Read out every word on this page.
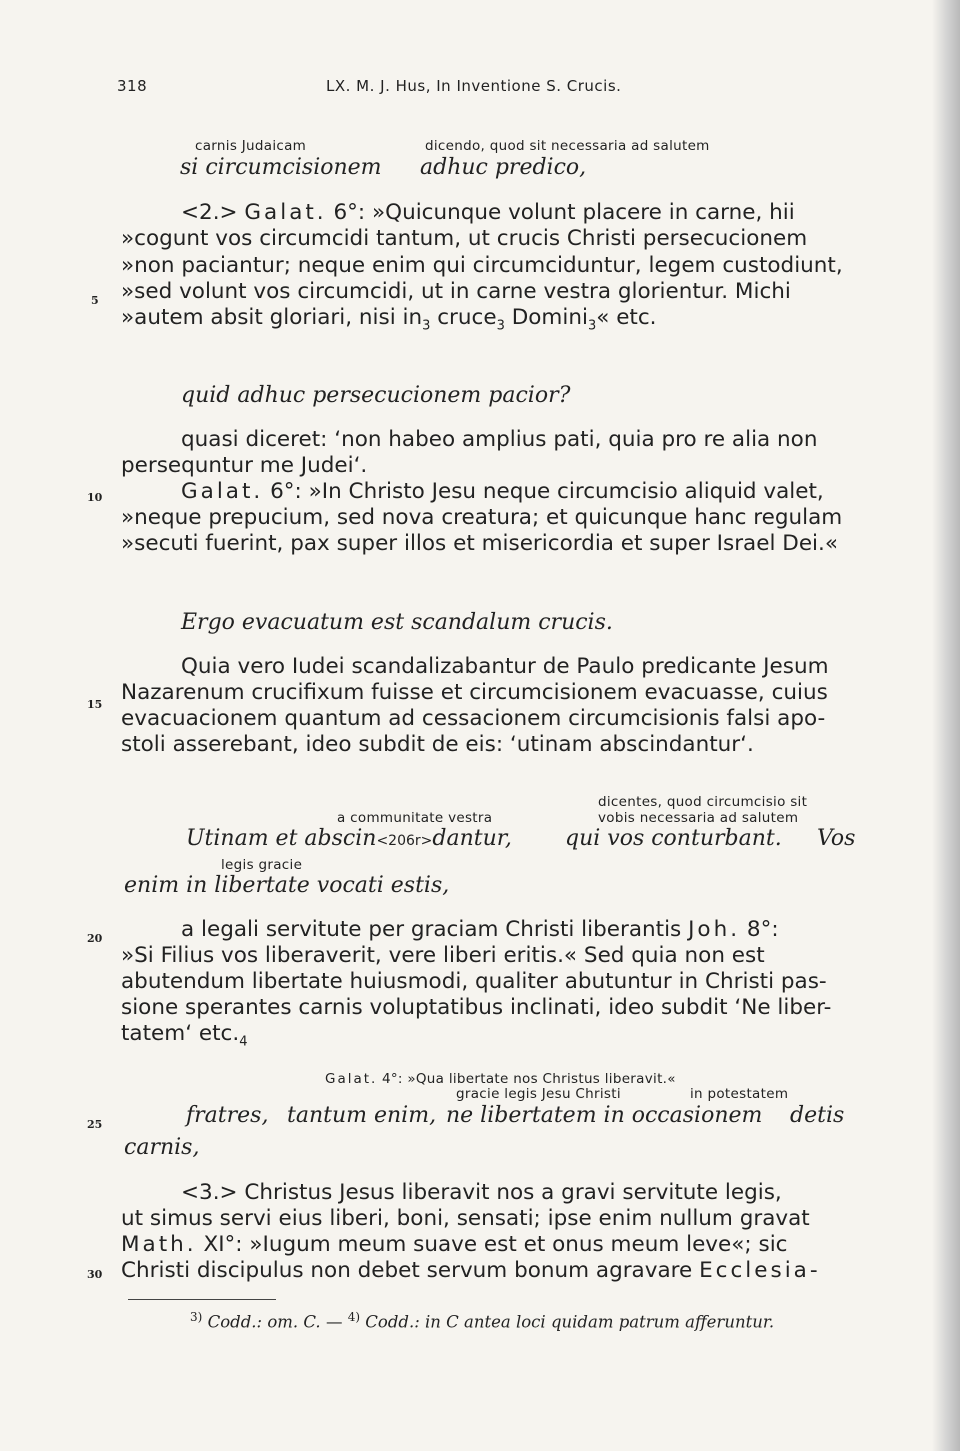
318	LX. M. J. Hus, In Inventione S. Crucis.
5
10
15
20
25
30
carnis Judaicam	dicendo, quod sit necessaria ad salutem
si circumcisionem adhuc predico,
<2.> Galat. 6°: »Quicunque volunt placere in carne, hii
»cogunt vos circumcidi tantum, ut crucis Christi persecucionem
»non paciantur; neque enim qui circumciduntur, legem custodiunt,
»sed volunt vos circumcidi, ut in carne vestra glorientur. Michi
»autem absit gloriari, nisi $in_3$ cruce$_3$ Domini$_3$« etc.
quid adhuc persecucionem pacior?
quasi diceret: ‘non habeo amplius pati, quia pro re alia non
persequntur me Judei‘.
Galat. 6°: »In Christo Jesu neque circumcisio aliquid valet,
»neque prepucium, sed nova creatura; et quicunque hanc regulam
»secuti fuerint, pax super illos et misericordia et super Israel Dei.«
Ergo evacuatum est scandalum crucis.
Quia vero Iudei scandalizabantur de Paulo predicante Jesum
Nazarenum crucifixum fuisse et circumcisionem evacuasse, cuius
evacuacionem quantum ad cessacionem circumcisionis falsi apo-
stoli asserebant, ideo subdit de eis: ‘utinam abscindantur‘.
dicentes, quod circumcisio sit
a communitate vestra	vobis necessaria ad salutem
Utinam et abscin<206r>dantur, qui vos conturbant. Vos
legis gracie
enim in libertate vocati estis,
a legali servitute per graciam Christi liberantis Joh. 8°:
»Si Filius vos liberaverit, vere liberi eritis.« Sed quia non est
abutendum libertate huiusmodi, qualiter abutuntur in Christi pas-
sione sperantes carnis voluptatibus inclinati, ideo subdit ‘Ne liber-
tatem‘ $etc._4$
Galat. 4°: »Qua libertate nos Christus liberavit.«
gracie legis Jesu Christi	in potestatem
fratres, tantum enim, ne libertatem in occasionem detis
carnis,
<3.> Christus Jesus liberavit nos a gravi servitute legis,
ut simus servi eius liberi, boni, sensati; ipse enim nullum gravat
Math. XI°: »Iugum meum suave est et onus meum leve«; sic
Christi discipulus non debet servum bonum agravare Ecclesia-
$^{3)}$ Codd.: om. C. — $^{4)}$ Codd.: in C antea loci quidam patrum afferuntur.
